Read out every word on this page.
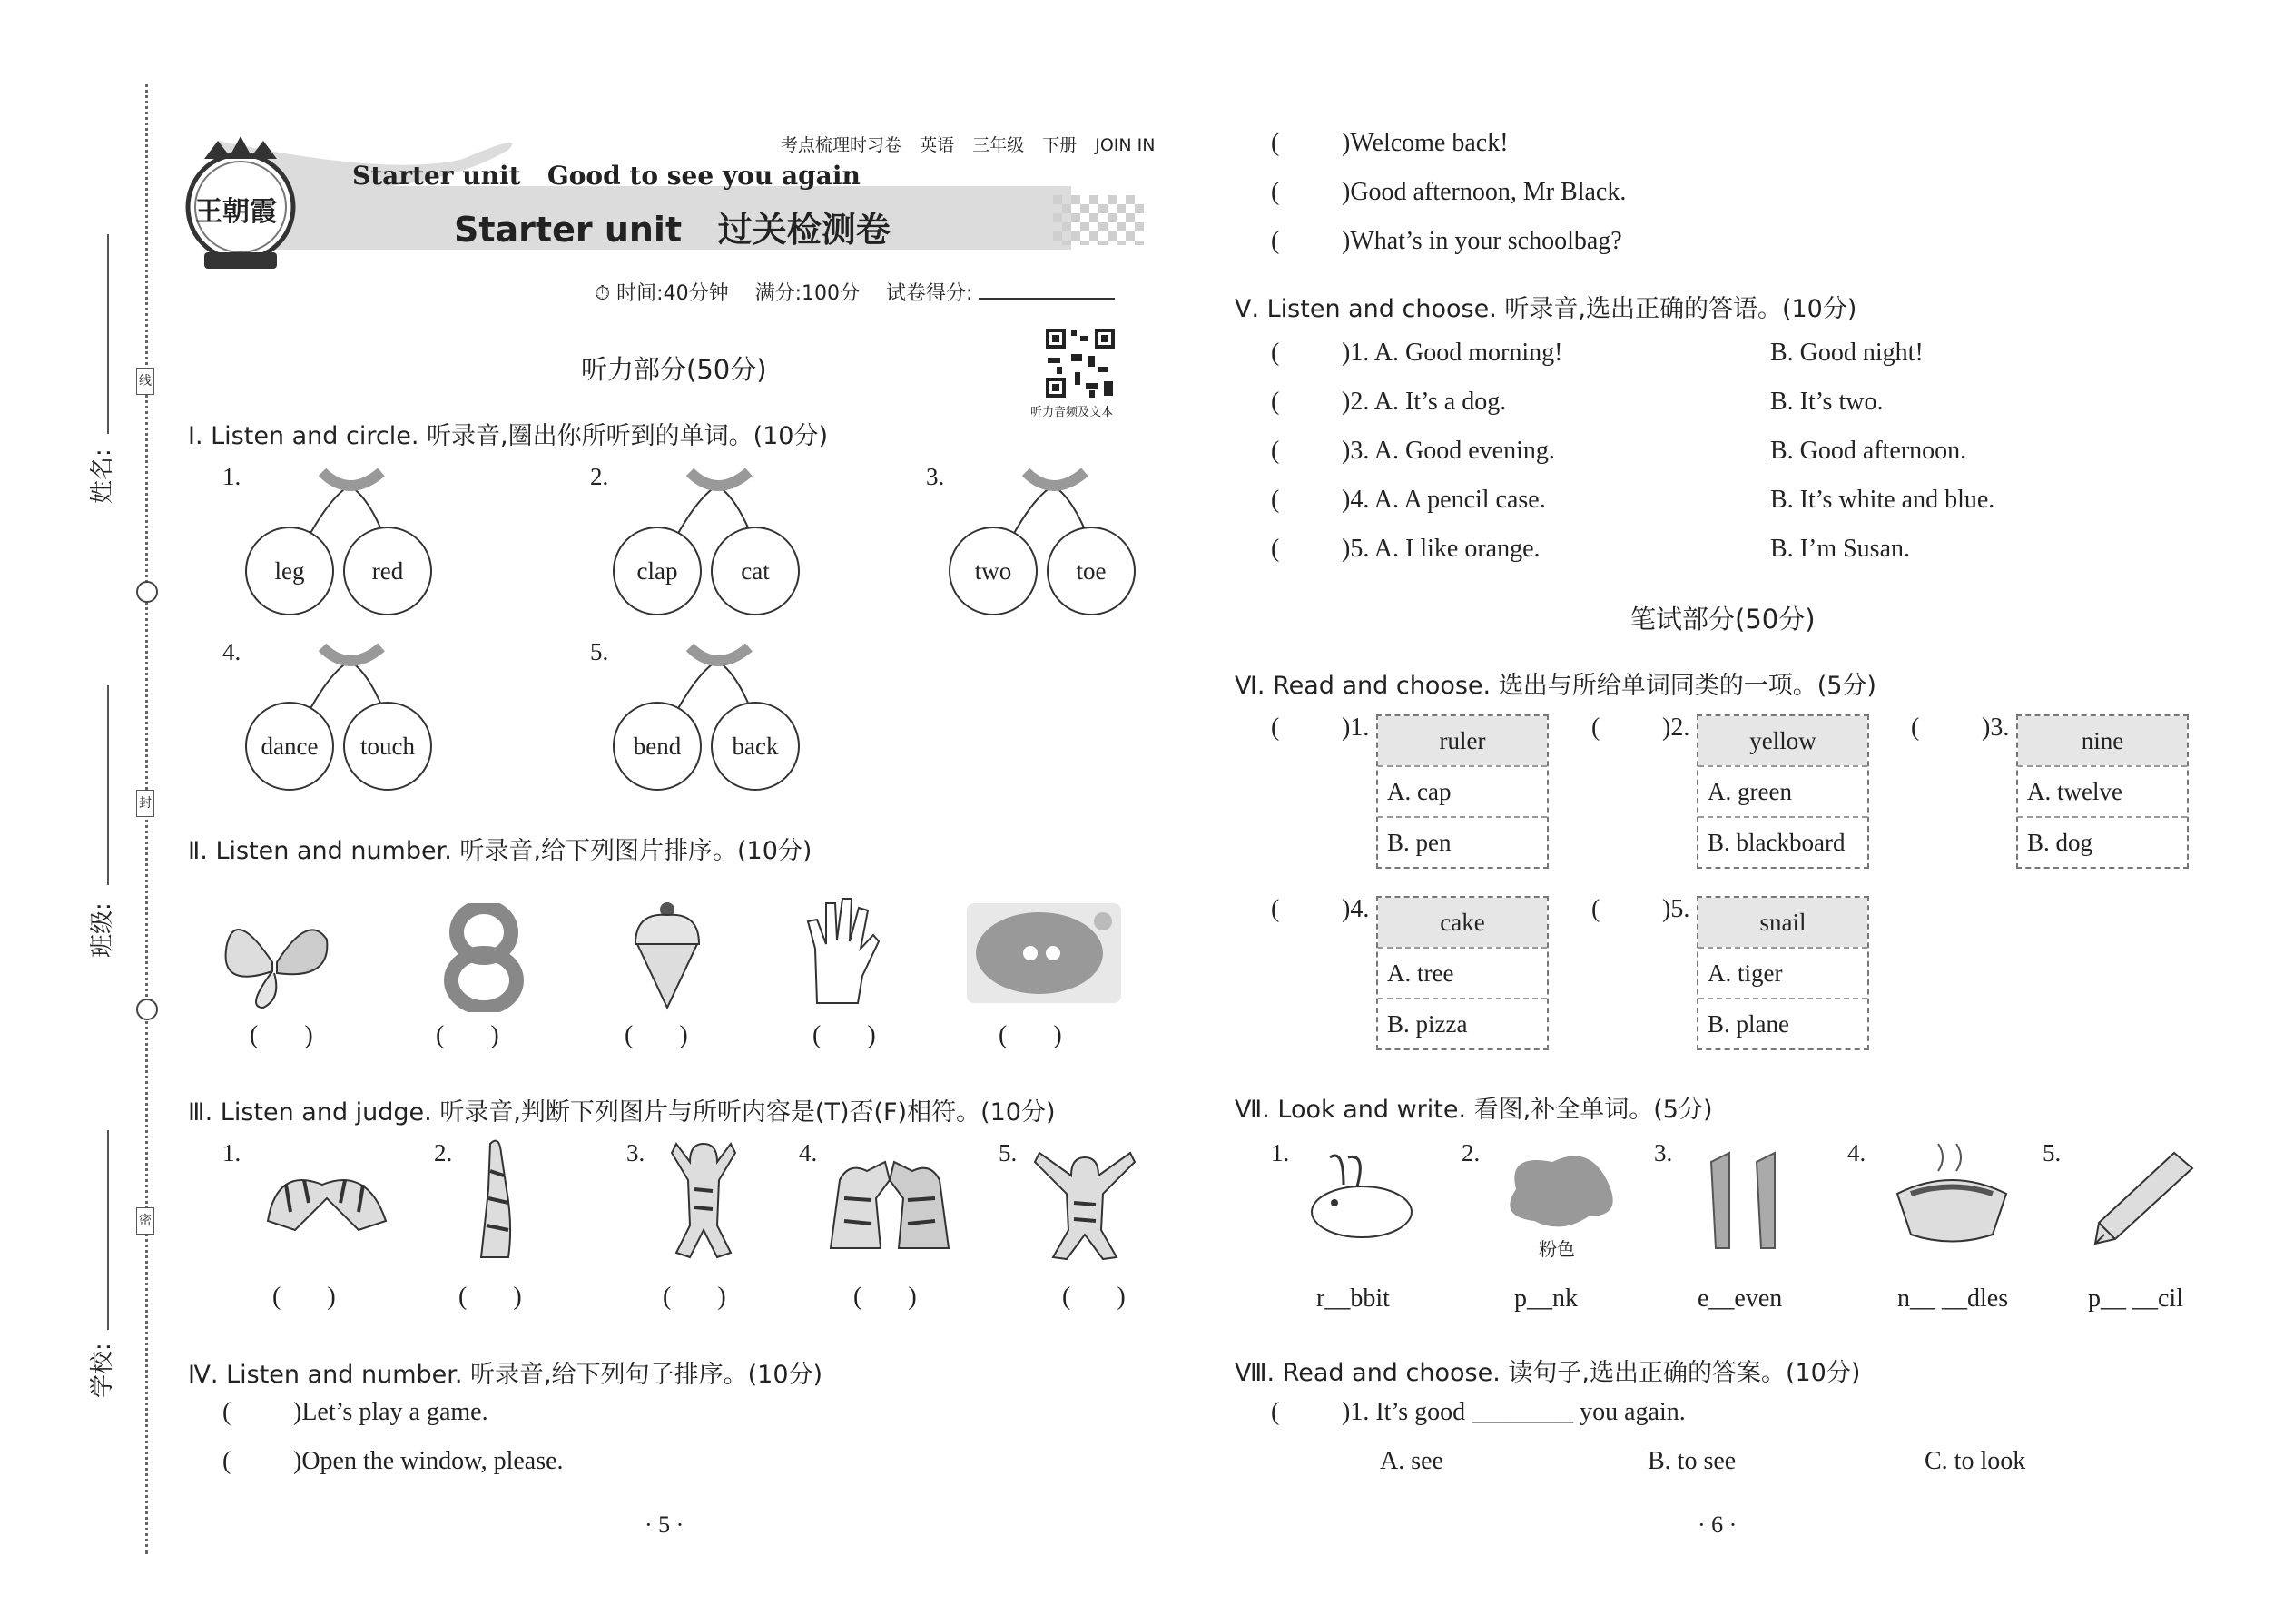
线
封
密
姓名:
班级:
学校:
考点梳理时习卷 英语 三年级 下册 JOIN IN
王朝霞
Starter unit   Good to see you again
Starter unit   过关检测卷
⏱ 时间:40分钟 满分:100分 试卷得分:
听力音频及文本
听力部分(50分)
Ⅰ. Listen and circle. 听录音,圈出你所听到的单词。(10分)
1.
leg	red
2.
clap	cat
3.
two	toe
4.
dance	touch
5.
bend	back
Ⅱ. Listen and number. 听录音,给下列图片排序。(10分)
( )	( )	( )	( )	( )
Ⅲ. Listen and judge. 听录音,判断下列图片与所听内容是(T)否(F)相符。(10分)
1.	2.	3.	4.	5.
( )	( )	( )	( )	( )
Ⅳ. Listen and number. 听录音,给下列句子排序。(10分)
( )Let’s play a game.
( )Open the window, please.
· 5 ·
( )Welcome back!
( )Good afternoon, Mr Black.
( )What’s in your schoolbag?
Ⅴ. Listen and choose. 听录音,选出正确的答语。(10分)
( )1. A. Good morning!	B. Good night!
( )2. A. It’s a dog.	B. It’s two.
( )3. A. Good evening.	B. Good afternoon.
( )4. A. A pencil case.	B. It’s white and blue.
( )5. A. I like orange.	B. I’m Susan.
笔试部分(50分)
Ⅵ. Read and choose. 选出与所给单词同类的一项。(5分)
( )1.	ruler
A. cap
B. pen
( )2.	yellow
A. green
B. blackboard
( )3.	nine
A. twelve
B. dog
( )4.	cake
A. tree
B. pizza
( )5.	snail
A. tiger
B. plane
Ⅶ. Look and write. 看图,补全单词。(5分)
1.
r__bbit
2.
粉色
p__nk
3.
e__even
4.
n__ __dles
5.
p__ __cil
Ⅷ. Read and choose. 读句子,选出正确的答案。(10分)
( )1. It’s good ________ you again.
A. see	B. to see	C. to look
· 6 ·
